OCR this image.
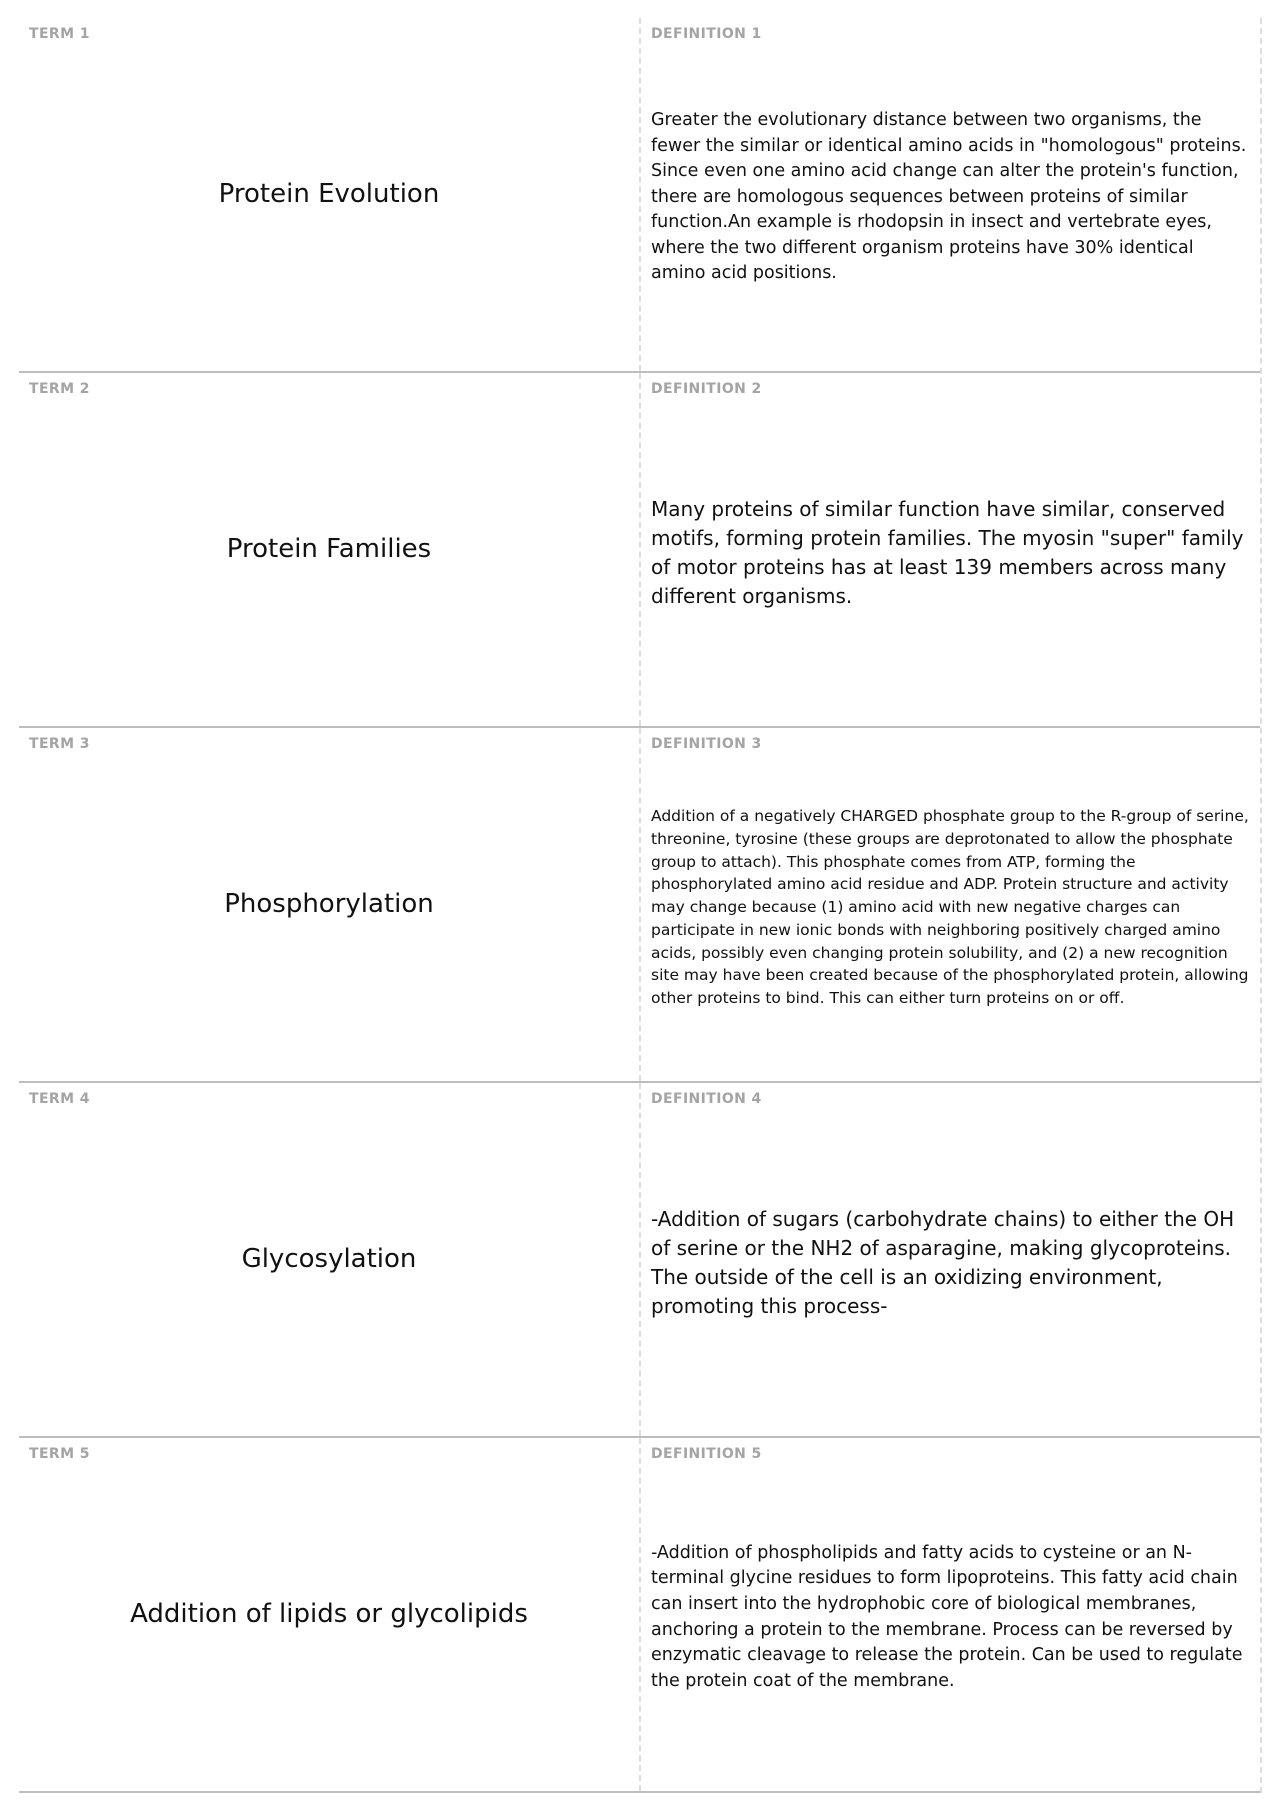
TERM 1
Protein Evolution
DEFINITION 1

Greater the evolutionary distance between two organisms, the fewer the similar or identical amino acids in "homologous" proteins. Since even one amino acid change can alter the protein's function, there are homologous sequences between proteins of similar function.An example is rhodopsin in insect and vertebrate eyes, where the two different organism proteins have 30% identical amino acid positions.

TERM 2
Protein Families
DEFINITION 2

Many proteins of similar function have similar, conserved motifs, forming protein families. The myosin "super" family of motor proteins has at least 139 members across many different organisms.

TERM 3
Phosphorylation
DEFINITION 3

Addition of a negatively CHARGED phosphate group to the R-group of serine, threonine, tyrosine (these groups are deprotonated to allow the phosphate group to attach). This phosphate comes from ATP, forming the phosphorylated amino acid residue and ADP. Protein structure and activity may change because (1) amino acid with new negative charges can participate in new ionic bonds with neighboring positively charged amino acids, possibly even changing protein solubility, and (2) a new recognition site may have been created because of the phosphorylated protein, allowing other proteins to bind. This can either turn proteins on or off.

TERM 4
Glycosylation
DEFINITION 4

-Addition of sugars (carbohydrate chains) to either the OH of serine or the NH2 of asparagine, making glycoproteins. The outside of the cell is an oxidizing environment, promoting this process-

TERM 5
Addition of lipids or glycolipids
DEFINITION 5

-Addition of phospholipids and fatty acids to cysteine or an N-terminal glycine residues to form lipoproteins. This fatty acid chain can insert into the hydrophobic core of biological membranes, anchoring a protein to the membrane. Process can be reversed by enzymatic cleavage to release the protein. Can be used to regulate the protein coat of the membrane.
